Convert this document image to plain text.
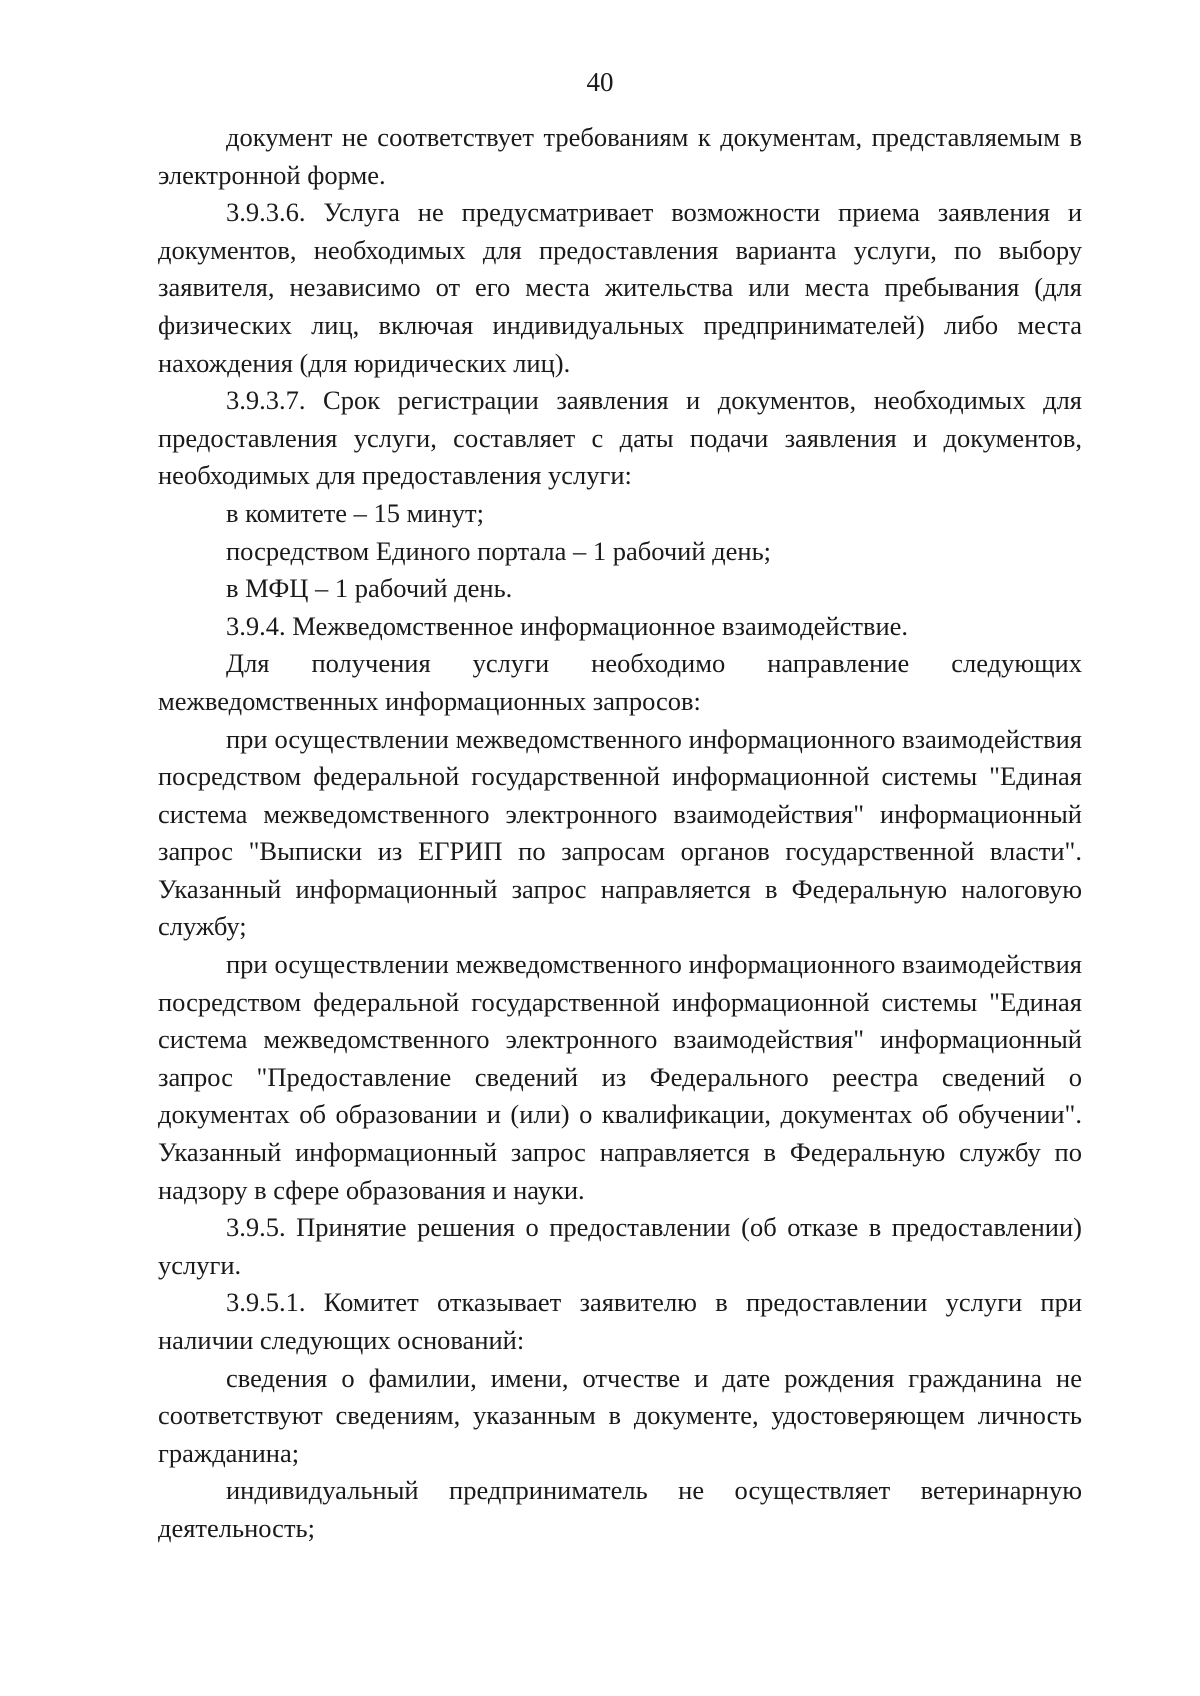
40

документ не соответствует требованиям к документам, представляемым в электронной форме.

3.9.3.6. Услуга не предусматривает возможности приема заявления и документов, необходимых для предоставления варианта услуги, по выбору заявителя, независимо от его места жительства или места пребывания (для физических лиц, включая индивидуальных предпринимателей) либо места нахождения (для юридических лиц).

3.9.3.7. Срок регистрации заявления и документов, необходимых для предоставления услуги, составляет с даты подачи заявления и документов, необходимых для предоставления услуги:

в комитете – 15 минут;

посредством Единого портала – 1 рабочий день;

в МФЦ – 1 рабочий день.

3.9.4. Межведомственное информационное взаимодействие.

Для получения услуги необходимо направление следующих межведомственных информационных запросов:

при осуществлении межведомственного информационного взаимодействия посредством федеральной государственной информационной системы "Единая система межведомственного электронного взаимодействия" информационный запрос "Выписки из ЕГРИП по запросам органов государственной власти". Указанный информационный запрос направляется в Федеральную налоговую службу;

при осуществлении межведомственного информационного взаимодействия посредством федеральной государственной информационной системы "Единая система межведомственного электронного взаимодействия" информационный запрос "Предоставление сведений из Федерального реестра сведений о документах об образовании и (или) о квалификации, документах об обучении". Указанный информационный запрос направляется в Федеральную службу по надзору в сфере образования и науки.

3.9.5. Принятие решения о предоставлении (об отказе в предоставлении) услуги.

3.9.5.1. Комитет отказывает заявителю в предоставлении услуги при наличии следующих оснований:

сведения о фамилии, имени, отчестве и дате рождения гражданина не соответствуют сведениям, указанным в документе, удостоверяющем личность гражданина;

индивидуальный предприниматель не осуществляет ветеринарную деятельность;
